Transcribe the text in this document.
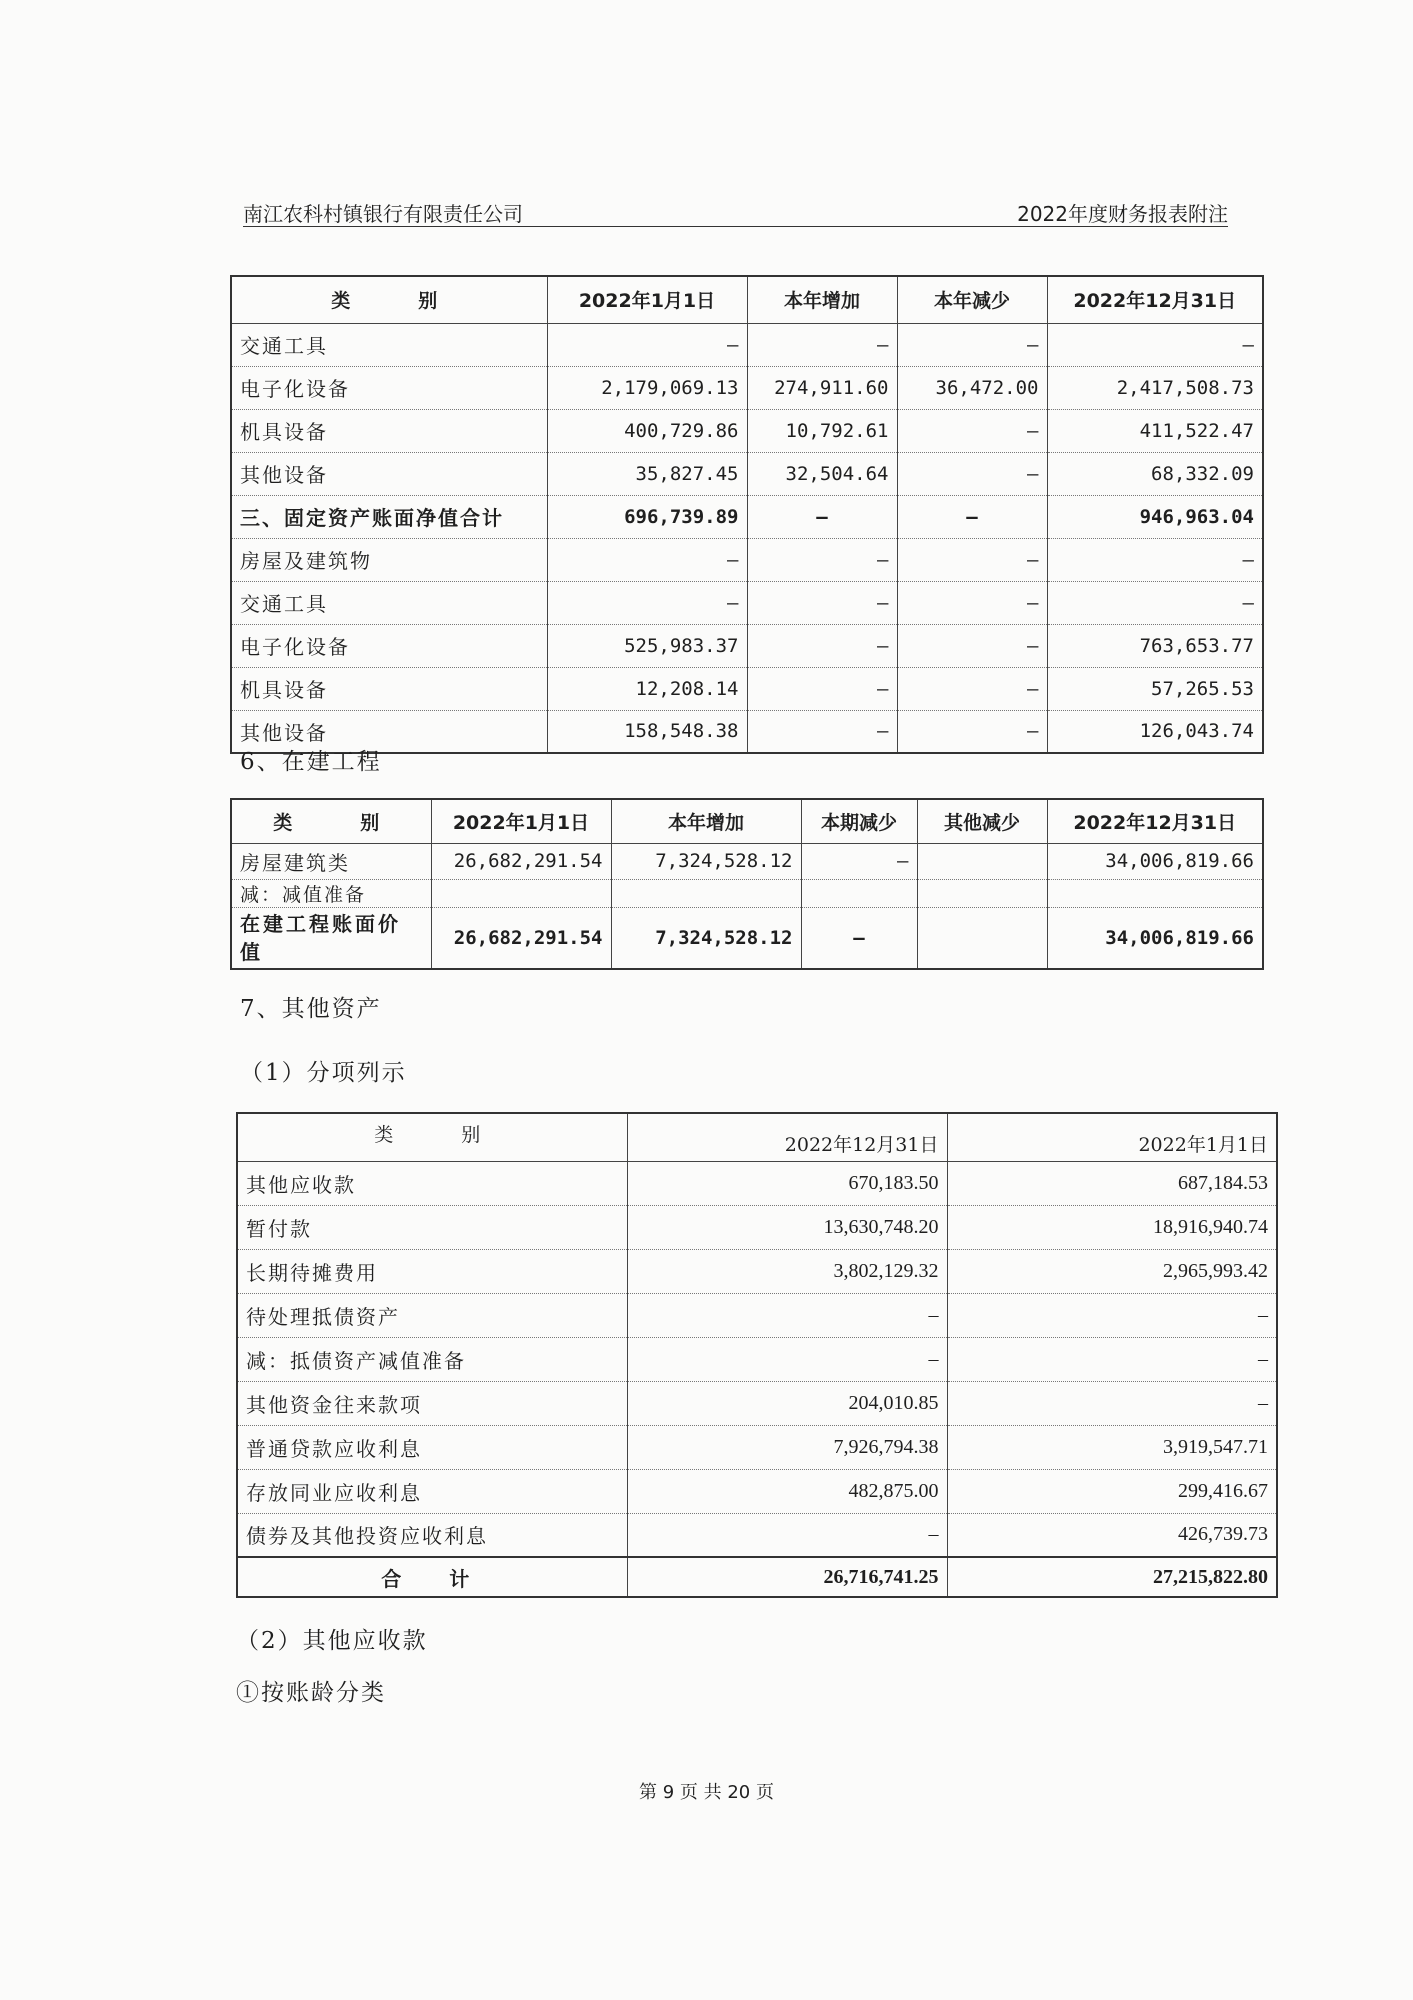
南江农科村镇银行有限责任公司	2022年度财务报表附注
类　　别	2022年1月1日	本年增加	本年减少	2022年12月31日
交通工具	–	–	–	–
电子化设备	2,179,069.13	274,911.60	36,472.00	2,417,508.73
机具设备	400,729.86	10,792.61	–	411,522.47
其他设备	35,827.45	32,504.64	–	68,332.09
三、固定资产账面净值合计	696,739.89	–	–	946,963.04
房屋及建筑物	–	–	–	–
交通工具	–	–	–	–
电子化设备	525,983.37	–	–	763,653.77
机具设备	12,208.14	–	–	57,265.53
其他设备	158,548.38	–	–	126,043.74
6、在建工程
类　　别	2022年1月1日	本年增加	本期减少	其他减少	2022年12月31日
房屋建筑类	26,682,291.54	7,324,528.12	–		34,006,819.66
减：减值准备					
在建工程账面价值	26,682,291.54	7,324,528.12	–		34,006,819.66
7、其他资产
（1）分项列示
类　　别	2022年12月31日	2022年1月1日
其他应收款	670,183.50	687,184.53
暂付款	13,630,748.20	18,916,940.74
长期待摊费用	3,802,129.32	2,965,993.42
待处理抵债资产	–	–
减：抵债资产减值准备	–	–
其他资金往来款项	204,010.85	–
普通贷款应收利息	7,926,794.38	3,919,547.71
存放同业应收利息	482,875.00	299,416.67
债券及其他投资应收利息	–	426,739.73
合　计	26,716,741.25	27,215,822.80
（2）其他应收款
①按账龄分类
第 9 页 共 20 页
